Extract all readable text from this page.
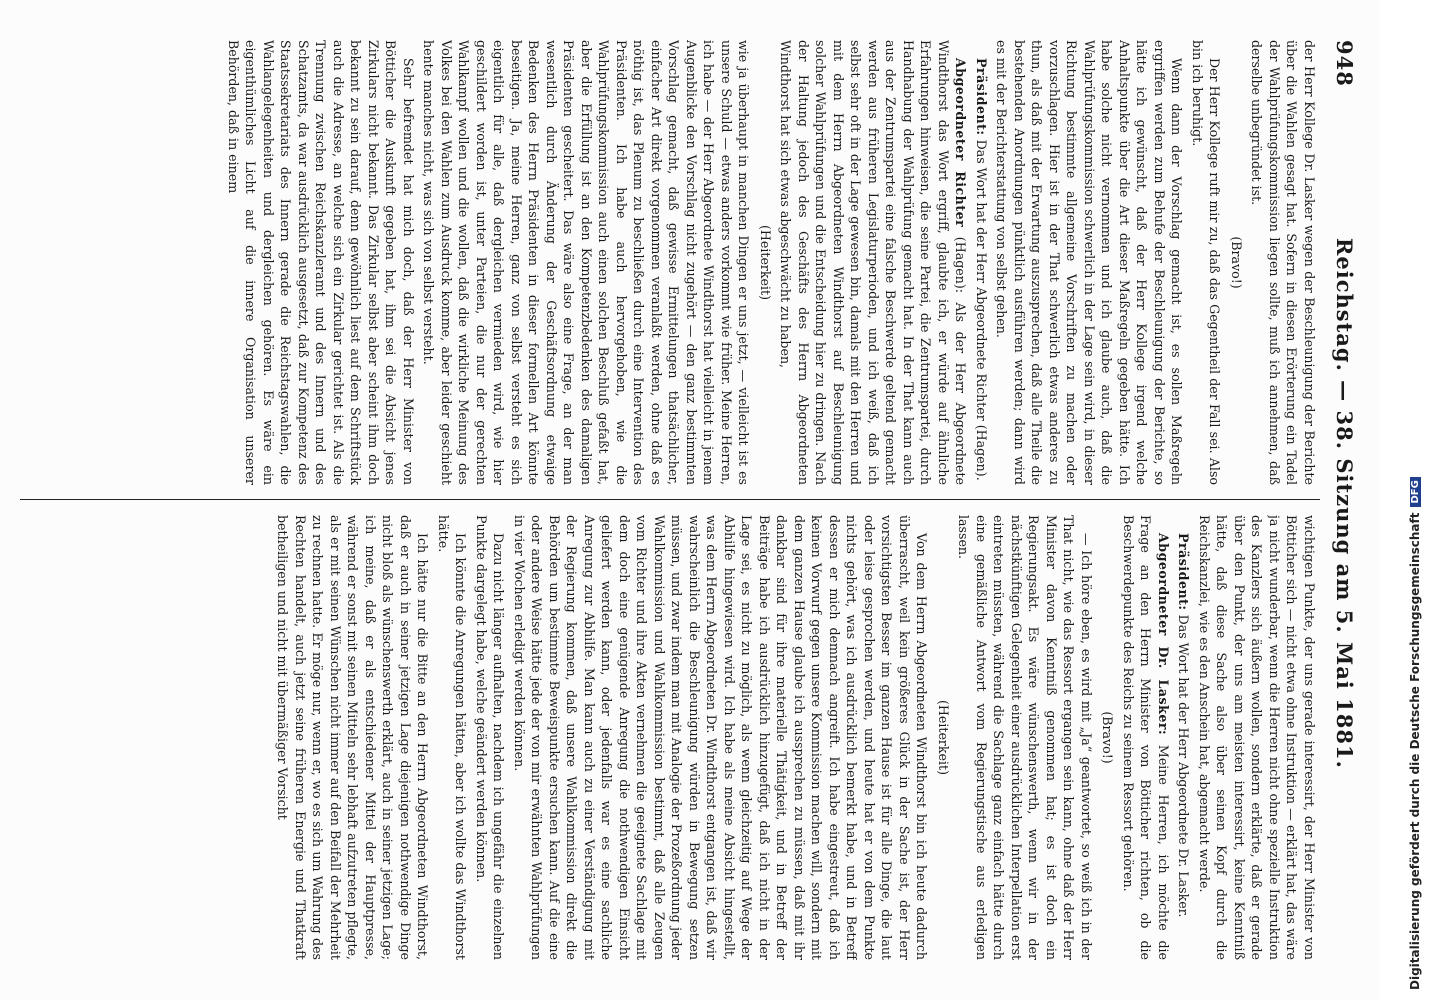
948
Reichstag. — 38. Sitzung am 5. Mai 1881.

der Herr Kollege Dr. Lasker wegen der Beschleunigung der Berichte über die Wahlen gesagt hat. Sofern in diesen Erörterung ein Tadel der Wahlprüfungskommission liegen sollte, muß ich annehmen, daß derselbe unbegründet ist.

(Bravo!)

Der Herr Kollege ruft mir zu, daß das Gegentheil der Fall sei. Also bin ich beruhigt.

Wenn dann der Vorschlag gemacht ist, es sollen Maßregeln ergriffen werden zum Behufe der Beschleunigung der Berichte, so hätte ich gewünscht, daß der Herr Kollege irgend welche Anhaltspunkte über die Art dieser Maßregeln gegeben hätte. Ich habe solche nicht vernommen und ich glaube auch, daß die Wahlprüfungskommission schwerlich in der Lage sein wird, in dieser Richtung bestimmte allgemeine Vorschriften zu machen oder vorzuschlagen. Hier ist in der That schwerlich etwas anderes zu thun, als daß mit der Erwartung auszusprechen, daß alle Theile die bestehenden Anordnungen pünktlich ausführen werden; dann wird es mit der Berichterstattung von selbst gehen.

Präsident: Das Wort hat der Herr Abgeordnete Richter (Hagen).

Abgeordneter Richter (Hagen): Als der Herr Abgeordnete Windthorst das Wort ergriff, glaubte ich, er würde auf ähnliche Erfahrungen hinweisen, die seine Partei, die Zentrumspartei, durch Handhabung der Wahlprüfung gemacht hat. In der That kann auch aus der Zentrumspartei eine falsche Beschwerde geltend gemacht werden aus früheren Legislaturperioden, und ich weiß, daß ich selbst sehr oft in der Lage gewesen bin, damals mit den Herren und mit dem Herrn Abgeordneten Windthorst auf Beschleunigung solcher Wahlprüfungen und die Entscheidung hier zu dringen. Nach der Haltung jedoch des Geschäfts des Herrn Abgeordneten Windthorst hat sich etwas abgeschwächt zu haben,

(Heiterkeit)

wie ja überhaupt in manchen Dingen er uns jetzt, — vielleicht ist es unsere Schuld — etwas anders vorkommt wie früher. Meine Herren, ich habe — der Herr Abgeordnete Windthorst hat vielleicht in jenem Augenblicke den Vorschlag nicht zugehört — den ganz bestimmten Vorschlag gemacht, daß gewisse Ermittelungen thatsächlicher, einfacher Art direkt vorgenommen veranlaßt werden, ohne daß es nöthig ist, das Plenum zu beschließen durch eine Intervention des Präsidenten. Ich habe auch hervorgehoben, wie die Wahlprüfungskommission auch einen solchen Beschluß gefaßt hat, aber die Erfüllung ist an den Kompetenzbedenken des damaligen Präsidenten gescheitert. Das wäre also eine Frage, an der man wesentlich durch Änderung der Geschäftsordnung etwaige Bedenken des Herrn Präsidenten in dieser formellen Art könnte beseitigen. Ja, meine Herren, ganz von selbst versteht es sich eigentlich für alle, daß dergleichen vermieden wird, wie hier geschildert worden ist, unter Parteien, die nur der gerechten Wahlkampf wollen und die wollen, daß die wirkliche Meinung des Volkes bei den Wahlen zum Ausdruck komme, aber leider geschieht hente manches nicht, was sich von selbst versteht.

Sehr befremdet hat mich doch, daß der Herr Minister von Bötticher die Auskunft gegeben hat, ihm sei die Absicht jenes Zirkulars nicht bekannt. Das Zirkular selbst aber scheint ihm doch bekannt zu sein darauf, denn gewöhnlich liest auf dem Schriftstück auch die Adresse, an welche sich ein Zirkular gerichtet ist. Als die Trennung zwischen Reichskanzleramt und des Innern und des Schatzamts, da war ausdrücklich ausgesetzt, daß zur Kompetenz des Staatssekretariats des Innern gerade die Reichstagswahlen, die Wahlangelegenheiten und dergleichen gehören. Es wäre ein eigenthümliches Licht auf die innere Organisation unserer Behörden, daß in einem

wichtigen Punkte, der uns gerade interessirt, der Herr Minister von Bötticher sich — nicht etwa ohne Instruktion — erklärt hat, das wäre ja nicht wunderbar, wenn die Herren nicht ohne spezielle Instruktion des Kanzlers sich äußern wollen, sondern erklärte, daß er gerade über den Punkt, der uns am meisten interessirt, keine Kenntniß hätte, daß diese Sache also über seinen Kopf durch die Reichskanzlei, wie es den Anschein hat, abgemacht werde.

Präsident: Das Wort hat der Herr Abgeordnete Dr. Lasker.

Abgeordneter Dr. Lasker: Meine Herren, ich möchte die Frage an den Herrn Minister von Bötticher richten, ob die Beschwerdepunkte des Reichs zu seinem Ressort gehören.

(Bravo!)

— Ich höre eben, es wird mit „Ja“ geantwortet, so weiß ich in der That nicht, wie das Ressort ergangen sein kann, ohne daß der Herr Minister davon Kenntniß genommen hat; es ist doch ein Regierungsakt. Es wäre wünschenswerth, wenn wir in der nächstkünftigen Gelegenheit einer ausdrücklichen Interpellation erst eintreten müssten, während die Sachlage ganz einfach hätte durch eine gemäßliche Antwort vom Regierungstische aus erledigen lassen.

(Heiterkeit)

Von dem Herrn Abgeordneten Windthorst bin ich heute dadurch überrascht, weil kein größeres Glück in der Sache ist, der Herr vorsichtigsten Besser im ganzen Hause ist für alle Dinge, die laut oder leise gesprochen werden, und heute hat er von dem Punkte nichts gehört, was ich ausdrücklich bemerkt habe, und in Betreff dessen er mich demnach angreift. Ich habe eingestreut, daß ich keinen Vorwurf gegen unsere Kommission machen will, sondern mit dem ganzen Hause glaube ich aussprechen zu müssen, daß mit ihr dankbar sind für ihre materielle Thätigkeit, und in Betreff der Beiträge habe ich ausdrücklich hinzugefügt, daß ich nicht in der Lage sei, es nicht zu möglich, als wenn gleichzeitig auf Wege der Abhilfe hingewiesen wird. Ich habe als meine Absicht hingestellt, was dem Herrn Abgeordneten Dr. Windthorst entgangen ist, daß wir wahrscheinlich die Beschleunigung würden in Bewegung setzen müssen, und zwar indem man mit Analogie der Prozeßordnung jeder Wahlkommission und Wahlkommission bestimmt, daß alle Zeugen vom Richter und ihre Akten vernehmen die geeignete Sachlage mit dem doch eine genügende Anregung die nothwendigen Einsicht geliefert werden kann, oder jedenfalls war es eine sachliche Anregung zur Abhilfe. Man kann auch zu einer Verständigung mit der Regierung kommen, daß unsere Wahlkommission direkt die Behörden um bestimmte Beweispunkte ersuchen kann. Auf die eine oder andere Weise hätte jede der von mir erwähnten Wahlprüfungen in vier Wochen erledigt werden können.

Dazu nicht länger aufhalten, nachdem ich ungefähr die einzelnen Punkte dargelegt habe, welche geändert werden können.

Ich könnte die Anregungen hätten, aber ich wollte das Windthorst hätte.

Ich hätte nur die Bitte an den Herrn Abgeordneten Windthorst, daß er auch in seiner jetzigen Lage diejenigen nothwendige Dinge nicht bloß als wünschenswerth erklärt, auch in seiner jetzigen Lage; ich meine, daß er als entschiedener Mittel der Hauptpresse, während er sonst mit seinen Mitteln sehr lebhaft aufzutreten pflegte, als er mit seinen Wünschen nicht immer auf den Beifall der Mehrheit zu rechnen hatte. Er möge nur, wenn er, wo es sich um Wahrung des Rechten handelt, auch jetzt seine früheren Energie und Thatkraft betheiligen und nicht mit übermäßiger Vorsicht	Digitalisierung gefördert durch die Deutsche ForschungsgemeinschaftDFG
